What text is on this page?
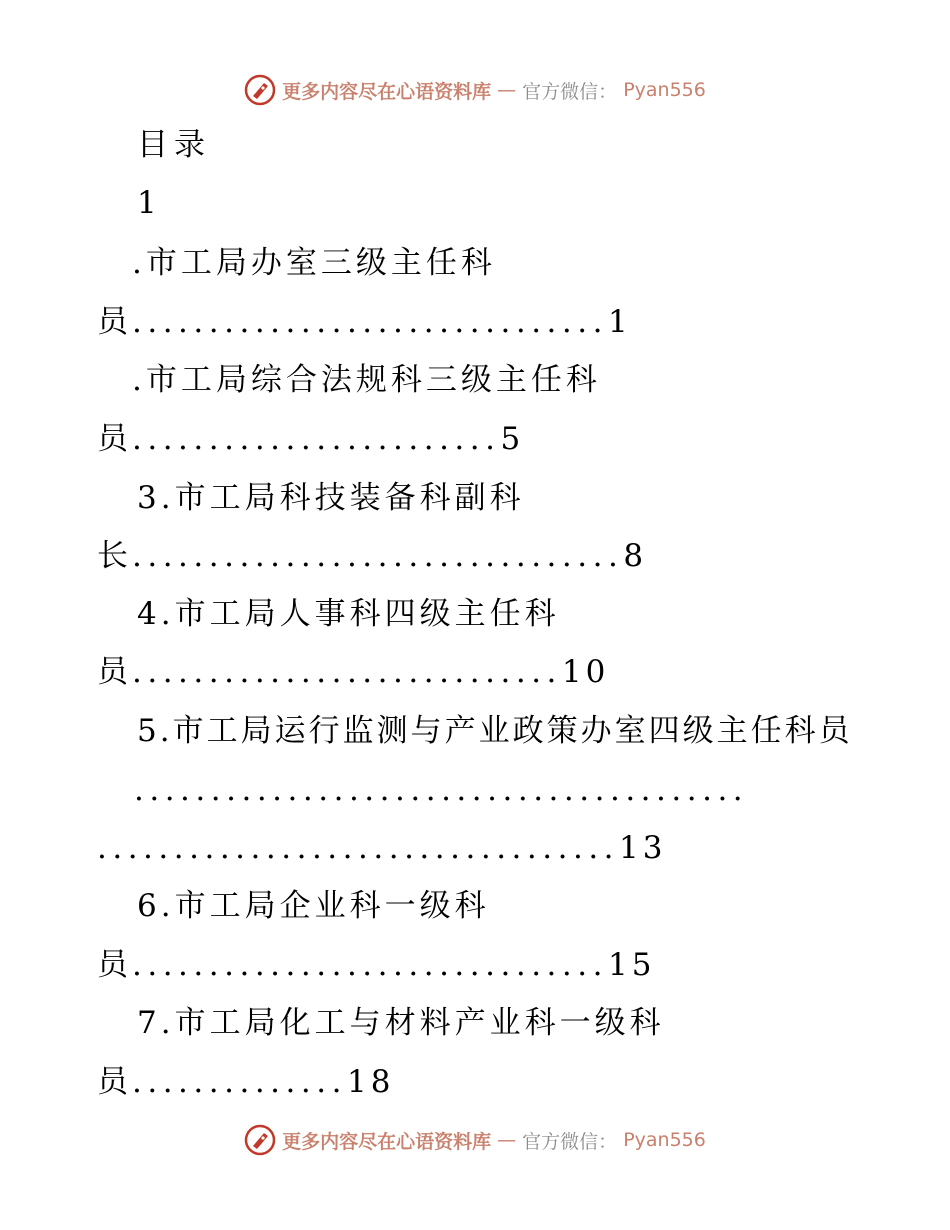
更多内容尽在心语资料库 — 官方微信： Pyan556
目录
1
.市工局办室三级主任科
员...............................1
.市工局综合法规科三级主任科
员........................5
3.市工局科技装备科副科
长................................8
4.市工局人事科四级主任科
员............................10
5.市工局运行监测与产业政策办室四级主任科员
........................................
..................................13
6.市工局企业科一级科
员...............................15
7.市工局化工与材料产业科一级科
员..............18
更多内容尽在心语资料库 — 官方微信： Pyan556
